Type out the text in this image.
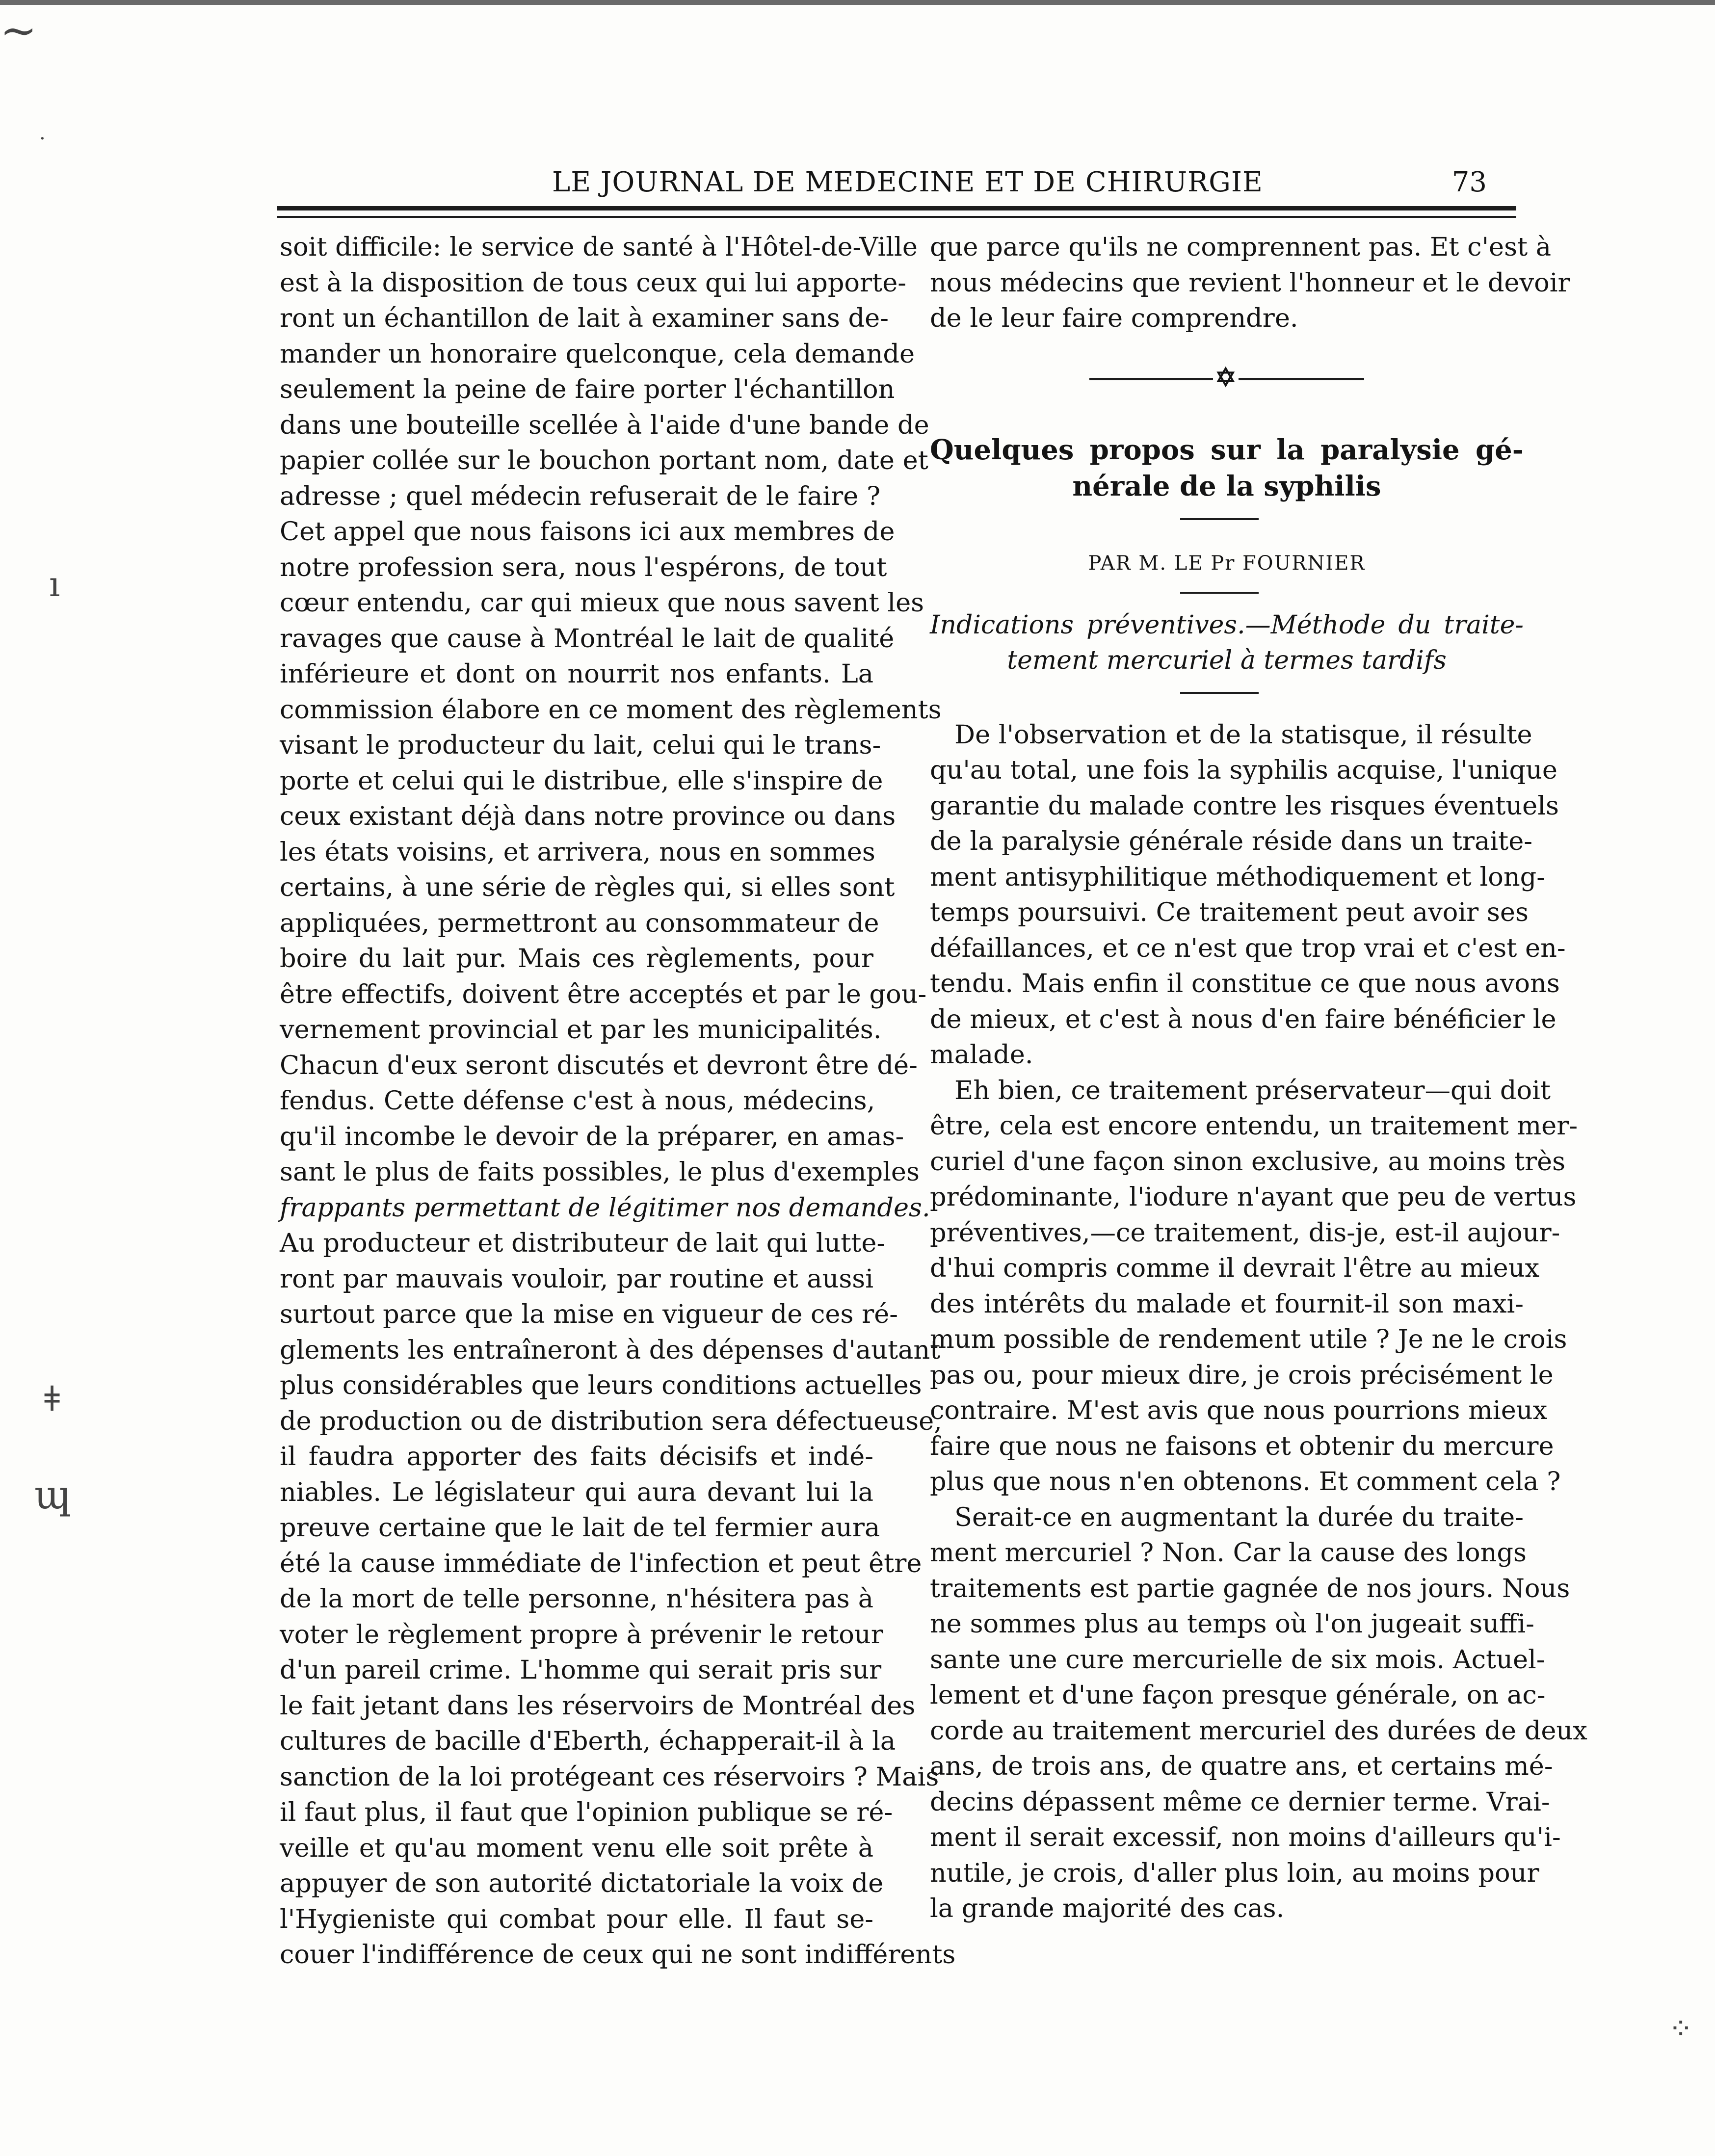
LE JOURNAL DE MEDECINE ET DE CHIRURGIE	73
soit difficile: le service de santé à l'Hôtel-de-Ville
est à la disposition de tous ceux qui lui apporte-
ront un échantillon de lait à examiner sans de-
mander un honoraire quelconque, cela demande
seulement la peine de faire porter l'échantillon
dans une bouteille scellée à l'aide d'une bande de
papier collée sur le bouchon portant nom, date et
adresse ; quel médecin refuserait de le faire ?
Cet appel que nous faisons ici aux membres de
notre profession sera, nous l'espérons, de tout
cœur entendu, car qui mieux que nous savent les
ravages que cause à Montréal le lait de qualité
inférieure et dont on nourrit nos enfants. La
commission élabore en ce moment des règlements
visant le producteur du lait, celui qui le trans-
porte et celui qui le distribue, elle s'inspire de
ceux existant déjà dans notre province ou dans
les états voisins, et arrivera, nous en sommes
certains, à une série de règles qui, si elles sont
appliquées, permettront au consommateur de
boire du lait pur. Mais ces règlements, pour
être effectifs, doivent être acceptés et par le gou-
vernement provincial et par les municipalités.
Chacun d'eux seront discutés et devront être dé-
fendus. Cette défense c'est à nous, médecins,
qu'il incombe le devoir de la préparer, en amas-
sant le plus de faits possibles, le plus d'exemples
frappants permettant de légitimer nos demandes.
Au producteur et distributeur de lait qui lutte-
ront par mauvais vouloir, par routine et aussi
surtout parce que la mise en vigueur de ces ré-
glements les entraîneront à des dépenses d'autant
plus considérables que leurs conditions actuelles
de production ou de distribution sera défectueuse,
il faudra apporter des faits décisifs et indé-
niables. Le législateur qui aura devant lui la
preuve certaine que le lait de tel fermier aura
été la cause immédiate de l'infection et peut être
de la mort de telle personne, n'hésitera pas à
voter le règlement propre à prévenir le retour
d'un pareil crime. L'homme qui serait pris sur
le fait jetant dans les réservoirs de Montréal des
cultures de bacille d'Eberth, échapperait-il à la
sanction de la loi protégeant ces réservoirs ? Mais
il faut plus, il faut que l'opinion publique se ré-
veille et qu'au moment venu elle soit prête à
appuyer de son autorité dictatoriale la voix de
l'Hygieniste qui combat pour elle. Il faut se-
couer l'indifférence de ceux qui ne sont indifférents
que parce qu'ils ne comprennent pas. Et c'est à
nous médecins que revient l'honneur et le devoir
de le leur faire comprendre.
✡
Quelques propos sur la paralysie gé-
nérale de la syphilis
PAR M. LE Pr FOURNIER
Indications préventives.—Méthode du traite-
tement mercuriel à termes tardifs
De l'observation et de la statisque, il résulte
qu'au total, une fois la syphilis acquise, l'unique
garantie du malade contre les risques éventuels
de la paralysie générale réside dans un traite-
ment antisyphilitique méthodiquement et long-
temps poursuivi. Ce traitement peut avoir ses
défaillances, et ce n'est que trop vrai et c'est en-
tendu. Mais enfin il constitue ce que nous avons
de mieux, et c'est à nous d'en faire bénéficier le
malade.
Eh bien, ce traitement préservateur—qui doit
être, cela est encore entendu, un traitement mer-
curiel d'une façon sinon exclusive, au moins très
prédominante, l'iodure n'ayant que peu de vertus
préventives,—ce traitement, dis-je, est-il aujour-
d'hui compris comme il devrait l'être au mieux
des intérêts du malade et fournit-il son maxi-
mum possible de rendement utile ? Je ne le crois
pas ou, pour mieux dire, je crois précisément le
contraire. M'est avis que nous pourrions mieux
faire que nous ne faisons et obtenir du mercure
plus que nous n'en obtenons. Et comment cela ?
Serait-ce en augmentant la durée du traite-
ment mercuriel ? Non. Car la cause des longs
traitements est partie gagnée de nos jours. Nous
ne sommes plus au temps où l'on jugeait suffi-
sante une cure mercurielle de six mois. Actuel-
lement et d'une façon presque générale, on ac-
corde au traitement mercuriel des durées de deux
ans, de trois ans, de quatre ans, et certains mé-
decins dépassent même ce dernier terme. Vrai-
ment il serait excessif, non moins d'ailleurs qu'i-
nutile, je crois, d'aller plus loin, au moins pour
la grande majorité des cas.
~
·
ı
ǂ
ɰ
⁘
